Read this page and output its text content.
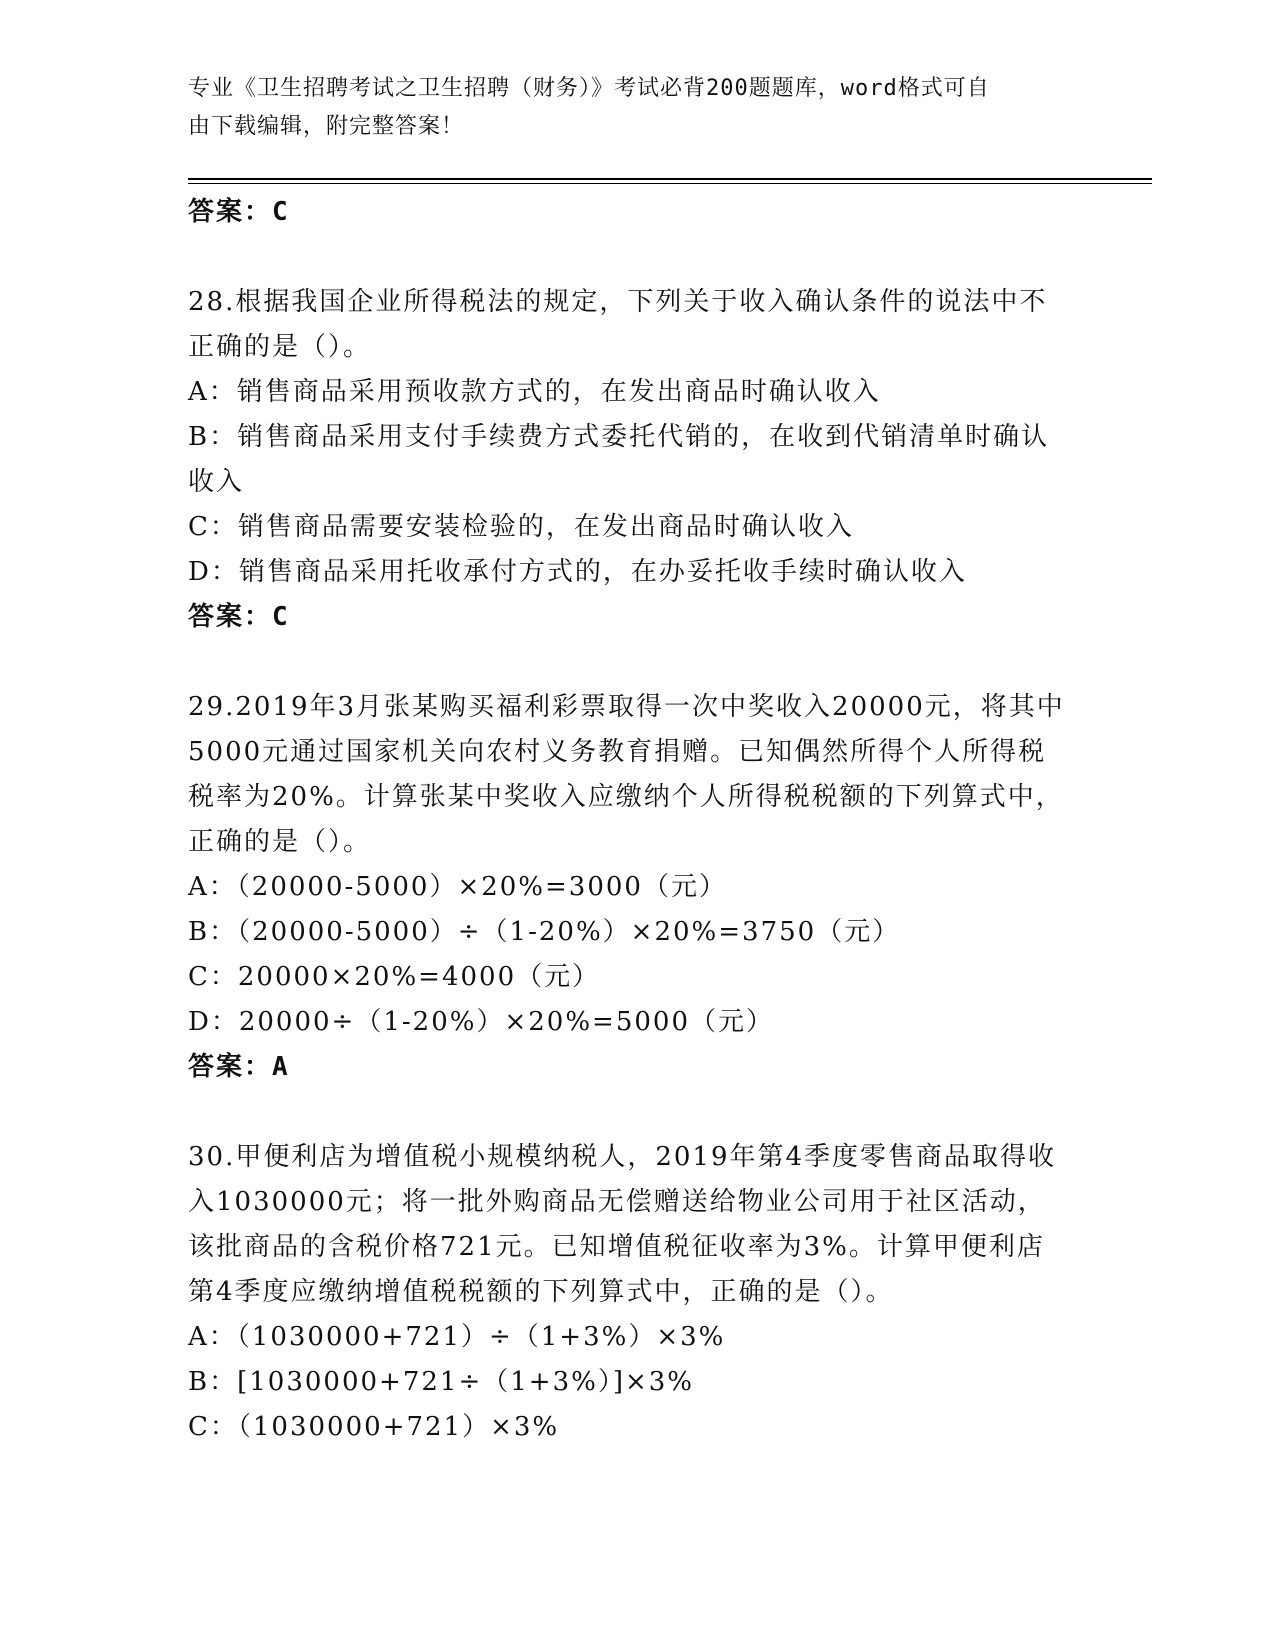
专业《卫生招聘考试之卫生招聘（财务）》考试必背200题题库，word格式可自
由下载编辑，附完整答案！
答案：C
28.根据我国企业所得税法的规定，下列关于收入确认条件的说法中不
正确的是（）。
A：销售商品采用预收款方式的，在发出商品时确认收入
B：销售商品采用支付手续费方式委托代销的，在收到代销清单时确认
收入
C：销售商品需要安装检验的，在发出商品时确认收入
D：销售商品采用托收承付方式的，在办妥托收手续时确认收入
答案：C
29.2019年3月张某购买福利彩票取得一次中奖收入20000元，将其中
5000元通过国家机关向农村义务教育捐赠。已知偶然所得个人所得税
税率为20%。计算张某中奖收入应缴纳个人所得税税额的下列算式中，
正确的是（）。
A：（20000-5000）×20%=3000（元）
B：（20000-5000）÷（1-20%）×20%=3750（元）
C：20000×20%=4000（元）
D：20000÷（1-20%）×20%=5000（元）
答案：A
30.甲便利店为增值税小规模纳税人，2019年第4季度零售商品取得收
入1030000元；将一批外购商品无偿赠送给物业公司用于社区活动，
该批商品的含税价格721元。已知增值税征收率为3%。计算甲便利店
第4季度应缴纳增值税税额的下列算式中，正确的是（）。
A：（1030000+721）÷（1+3%）×3%
B：[1030000+721÷（1+3%）]×3%
C：（1030000+721）×3%
